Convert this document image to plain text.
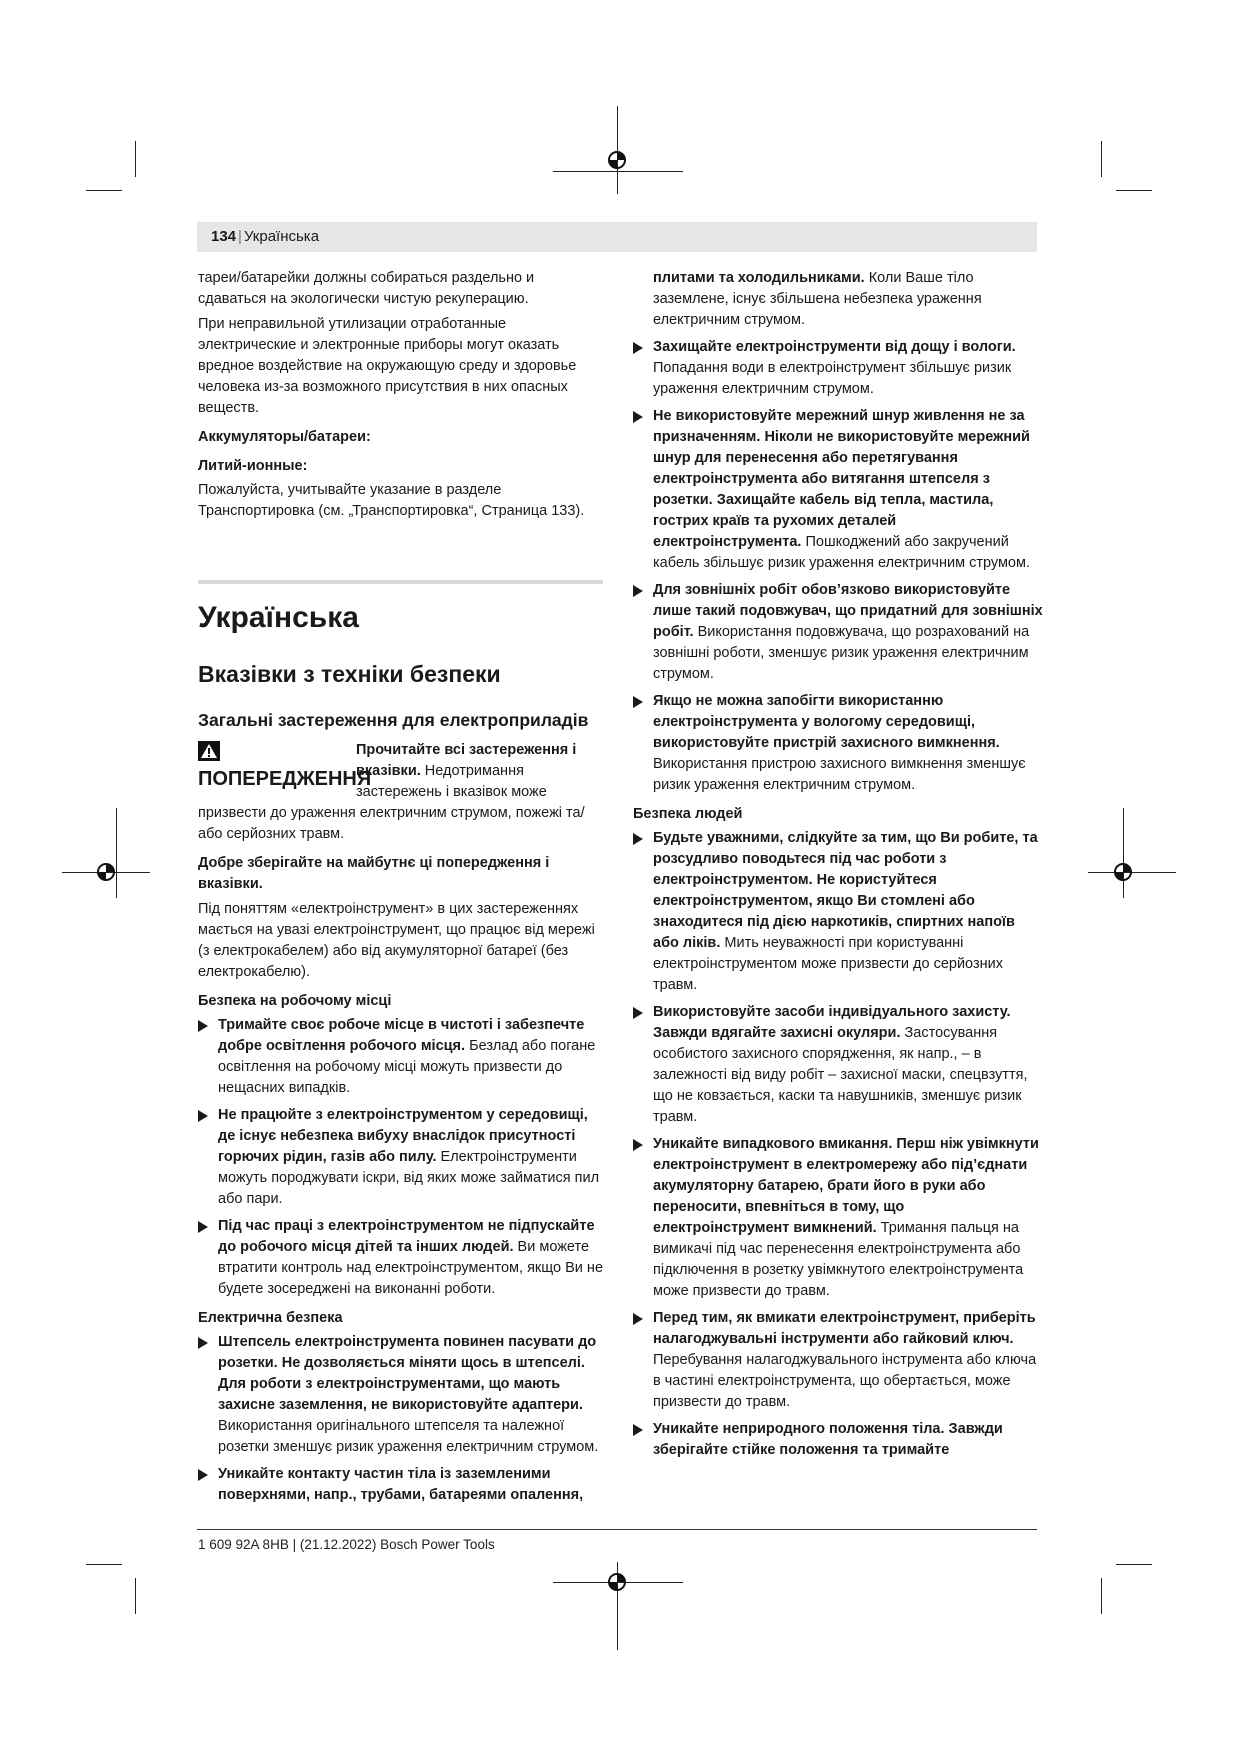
134 | Українська

тареи/батарейки должны собираться раздельно и сдаваться на экологически чистую рекуперацию.

При неправильной утилизации отработанные электрические и электронные приборы могут оказать вредное воздействие на окружающую среду и здоровье человека из-за возможного присутствия в них опасных веществ.

Аккумуляторы/батареи:
Литий-ионные:

Пожалуйста, учитывайте указание в разделе Транспортировка (см. „Транспортировка“, Страница 133).

Українська
Вказівки з техніки безпеки
Загальні застереження для електроприладів
ПОПЕРЕДЖЕННЯ
Прочитайте всі застереження і вказівки. Недотримання застережень і вказівок може призвести до ураження електричним струмом, пожежі та/або серйозних травм.

Добре зберігайте на майбутнє ці попередження і вказівки.

Під поняттям «електроінструмент» в цих застереженнях мається на увазі електроінструмент, що працює від мережі (з електрокабелем) або від акумуляторної батареї (без електрокабелю).

Безпека на робочому місці
Тримайте своє робоче місце в чистоті і забезпечте добре освітлення робочого місця. Безлад або погане освітлення на робочому місці можуть призвести до нещасних випадків.
Не працюйте з електроінструментом у середовищі, де існує небезпека вибуху внаслідок присутності горючих рідин, газів або пилу. Електроінструменти можуть породжувати іскри, від яких може займатися пил або пари.
Під час праці з електроінструментом не підпускайте до робочого місця дітей та інших людей. Ви можете втратити контроль над електроінструментом, якщо Ви не будете зосереджені на виконанні роботи.
Електрична безпека
Штепсель електроінструмента повинен пасувати до розетки. Не дозволяється міняти щось в штепселі. Для роботи з електроінструментами, що мають захисне заземлення, не використовуйте адаптери. Використання оригінального штепселя та належної розетки зменшує ризик ураження електричним струмом.
Уникайте контакту частин тіла із заземленими поверхнями, напр., трубами, батареями опалення,
плитами та холодильниками. Коли Ваше тіло заземлене, існує збільшена небезпека ураження електричним струмом.
Захищайте електроінструменти від дощу і вологи. Попадання води в електроінструмент збільшує ризик ураження електричним струмом.
Не використовуйте мережний шнур живлення не за призначенням. Ніколи не використовуйте мережний шнур для перенесення або перетягування електроінструмента або витягання штепселя з розетки. Захищайте кабель від тепла, мастила, гострих країв та рухомих деталей електроінструмента. Пошкоджений або закручений кабель збільшує ризик ураження електричним струмом.
Для зовнішніх робіт обов’язково використовуйте лише такий подовжувач, що придатний для зовнішніх робіт. Використання подовжувача, що розрахований на зовнішні роботи, зменшує ризик ураження електричним струмом.
Якщо не можна запобігти використанню електроінструмента у вологому середовищі, використовуйте пристрій захисного вимкнення. Використання пристрою захисного вимкнення зменшує ризик ураження електричним струмом.
Безпека людей
Будьте уважними, слідкуйте за тим, що Ви робите, та розсудливо поводьтеся під час роботи з електроінструментом. Не користуйтеся електроінструментом, якщо Ви стомлені або знаходитеся під дією наркотиків, спиртних напоїв або ліків. Мить неуважності при користуванні електроінструментом може призвести до серйозних травм.
Використовуйте засоби індивідуального захисту. Завжди вдягайте захисні окуляри. Застосування особистого захисного спорядження, як напр., – в залежності від виду робіт – захисної маски, спецвзуття, що не ковзається, каски та навушників, зменшує ризик травм.
Уникайте випадкового вмикання. Перш ніж увімкнути електроінструмент в електромережу або під’єднати акумуляторну батарею, брати його в руки або переносити, впевніться в тому, що електроінструмент вимкнений. Тримання пальця на вимикачі під час перенесення електроінструмента або підключення в розетку увімкнутого електроінструмента може призвести до травм.
Перед тим, як вмикати електроінструмент, приберіть налагоджувальні інструменти або гайковий ключ. Перебування налагоджувального інструмента або ключа в частині електроінструмента, що обертається, може призвести до травм.
Уникайте неприродного положення тіла. Завжди зберігайте стійке положення та тримайте
1 609 92A 8HB | (21.12.2022) Bosch Power Tools
